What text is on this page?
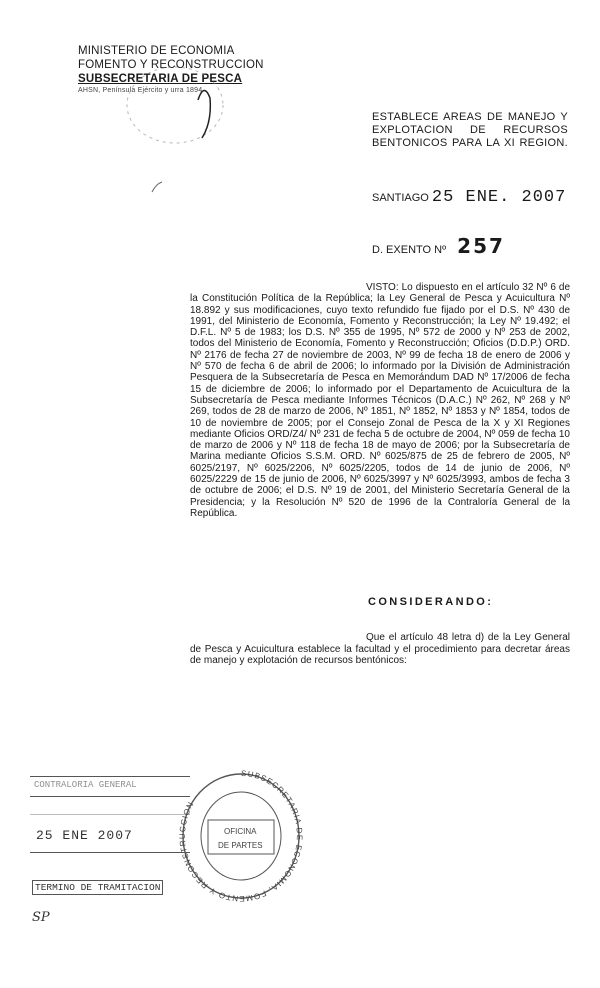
MINISTERIO DE ECONOMIA
FOMENTO Y RECONSTRUCCION
SUBSECRETARIA DE PESCA
AHSN, Península Ejército y urra 1894
ESTABLECE AREAS DE MANEJO Y
EXPLOTACION DE RECURSOS
BENTONICOS PARA LA XI REGION.
SANTIAGO 25 ENE. 2007
D. EXENTO Nº 257
VISTO: Lo dispuesto en el artículo 32 Nº 6 de la Constitución Política de la República; la Ley General de Pesca y Acuicultura Nº 18.892 y sus modificaciones, cuyo texto refundido fue fijado por el D.S. Nº 430 de 1991, del Ministerio de Economía, Fomento y Reconstrucción; la Ley Nº 19.492; el D.F.L. Nº 5 de 1983; los D.S. Nº 355 de 1995, Nº 572 de 2000 y Nº 253 de 2002, todos del Ministerio de Economía, Fomento y Reconstrucción; Oficios (D.D.P.) ORD. Nº 2176 de fecha 27 de noviembre de 2003, Nº 99 de fecha 18 de enero de 2006 y Nº 570 de fecha 6 de abril de 2006; lo informado por la División de Administración Pesquera de la Subsecretaría de Pesca en Memorándum DAD Nº 17/2006 de fecha 15 de diciembre de 2006; lo informado por el Departamento de Acuicultura de la Subsecretaría de Pesca mediante Informes Técnicos (D.A.C.) Nº 262, Nº 268 y Nº 269, todos de 28 de marzo de 2006, Nº 1851, Nº 1852, Nº 1853 y Nº 1854, todos de 10 de noviembre de 2005; por el Consejo Zonal de Pesca de la X y XI Regiones mediante Oficios ORD/Z4/ Nº 231 de fecha 5 de octubre de 2004, Nº 059 de fecha 10 de marzo de 2006 y Nº 118 de fecha 18 de mayo de 2006; por la Subsecretaría de Marina mediante Oficios S.S.M. ORD. Nº 6025/875 de 25 de febrero de 2005, Nº 6025/2197, Nº 6025/2206, Nº 6025/2205, todos de 14 de junio de 2006, Nº 6025/2229 de 15 de junio de 2006, Nº 6025/3997 y Nº 6025/3993, ambos de fecha 3 de octubre de 2006; el D.S. Nº 19 de 2001, del Ministerio Secretaría General de la Presidencia; y la Resolución Nº 520 de 1996 de la Contraloría General de la República.
CONSIDERANDO:
Que el artículo 48 letra d) de la Ley General de Pesca y Acuicultura establece la facultad y el procedimiento para decretar áreas de manejo y explotación de recursos bentónicos:
CONTRALORIA GENERAL
25 ENE 2007
TERMINO DE TRAMITACION
SUBSECRETARIA DE ECONOMIA, FOMENTO Y RECONSTRUCCION
OFICINA
DE PARTES
SP
